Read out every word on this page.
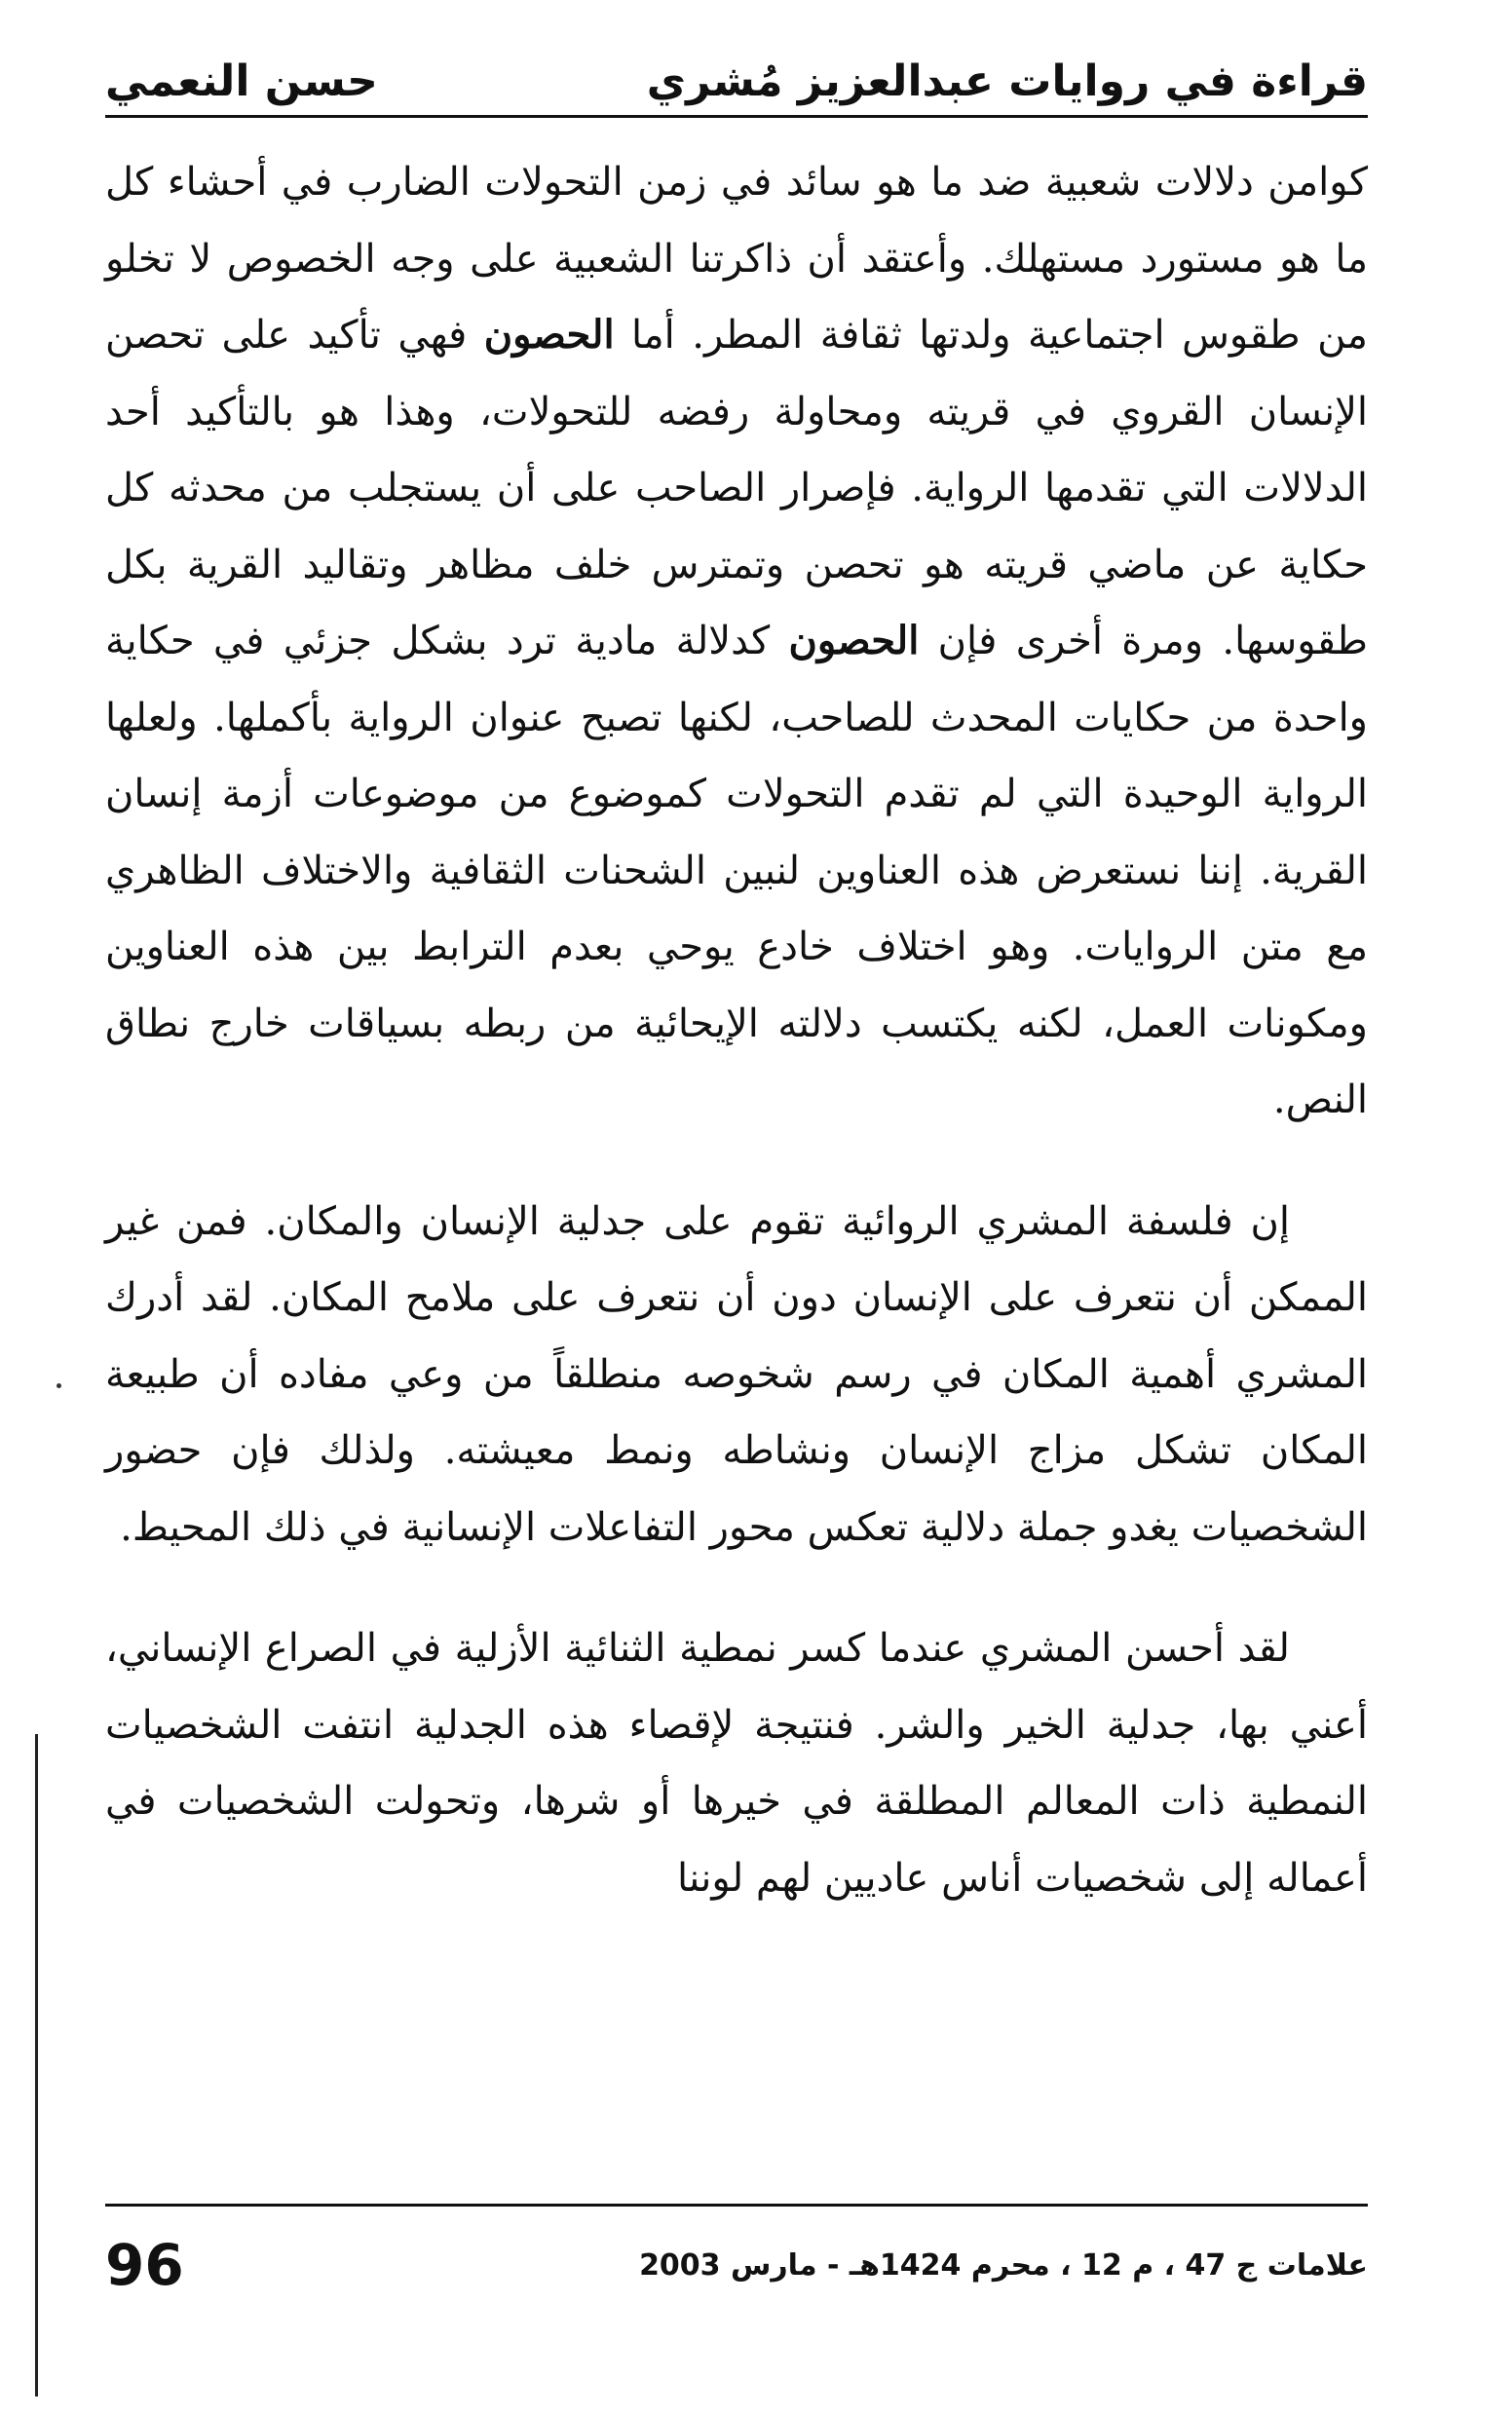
قراءة في روايات عبدالعزيز مُشري
حسن النعمي

كوامن دلالات شعبية ضد ما هو سائد في زمن التحولات الضارب في أحشاء كل ما هو مستورد مستهلك. وأعتقد أن ذاكرتنا الشعبية على وجه الخصوص لا تخلو من طقوس اجتماعية ولدتها ثقافة المطر. أما الحصون فهي تأكيد على تحصن الإنسان القروي في قريته ومحاولة رفضه للتحولات، وهذا هو بالتأكيد أحد الدلالات التي تقدمها الرواية. فإصرار الصاحب على أن يستجلب من محدثه كل حكاية عن ماضي قريته هو تحصن وتمترس خلف مظاهر وتقاليد القرية بكل طقوسها. ومرة أخرى فإن الحصون كدلالة مادية ترد بشكل جزئي في حكاية واحدة من حكايات المحدث للصاحب، لكنها تصبح عنوان الرواية بأكملها. ولعلها الرواية الوحيدة التي لم تقدم التحولات كموضوع من موضوعات أزمة إنسان القرية. إننا نستعرض هذه العناوين لنبين الشحنات الثقافية والاختلاف الظاهري مع متن الروايات. وهو اختلاف خادع يوحي بعدم الترابط بين هذه العناوين ومكونات العمل، لكنه يكتسب دلالته الإيحائية من ربطه بسياقات خارج نطاق النص.

إن فلسفة المشري الروائية تقوم على جدلية الإنسان والمكان. فمن غير الممكن أن نتعرف على الإنسان دون أن نتعرف على ملامح المكان. لقد أدرك المشري أهمية المكان في رسم شخوصه منطلقاً من وعي مفاده أن طبيعة المكان تشكل مزاج الإنسان ونشاطه ونمط معيشته. ولذلك فإن حضور الشخصيات يغدو جملة دلالية تعكس محور التفاعلات الإنسانية في ذلك المحيط.

لقد أحسن المشري عندما كسر نمطية الثنائية الأزلية في الصراع الإنساني، أعني بها، جدلية الخير والشر. فنتيجة لإقصاء هذه الجدلية انتفت الشخصيات النمطية ذات المعالم المطلقة في خيرها أو شرها، وتحولت الشخصيات في أعماله إلى شخصيات أناس عاديين لهم لوننا

علامات ج 47 ، م 12 ، محرم 1424هـ - مارس 2003
96
